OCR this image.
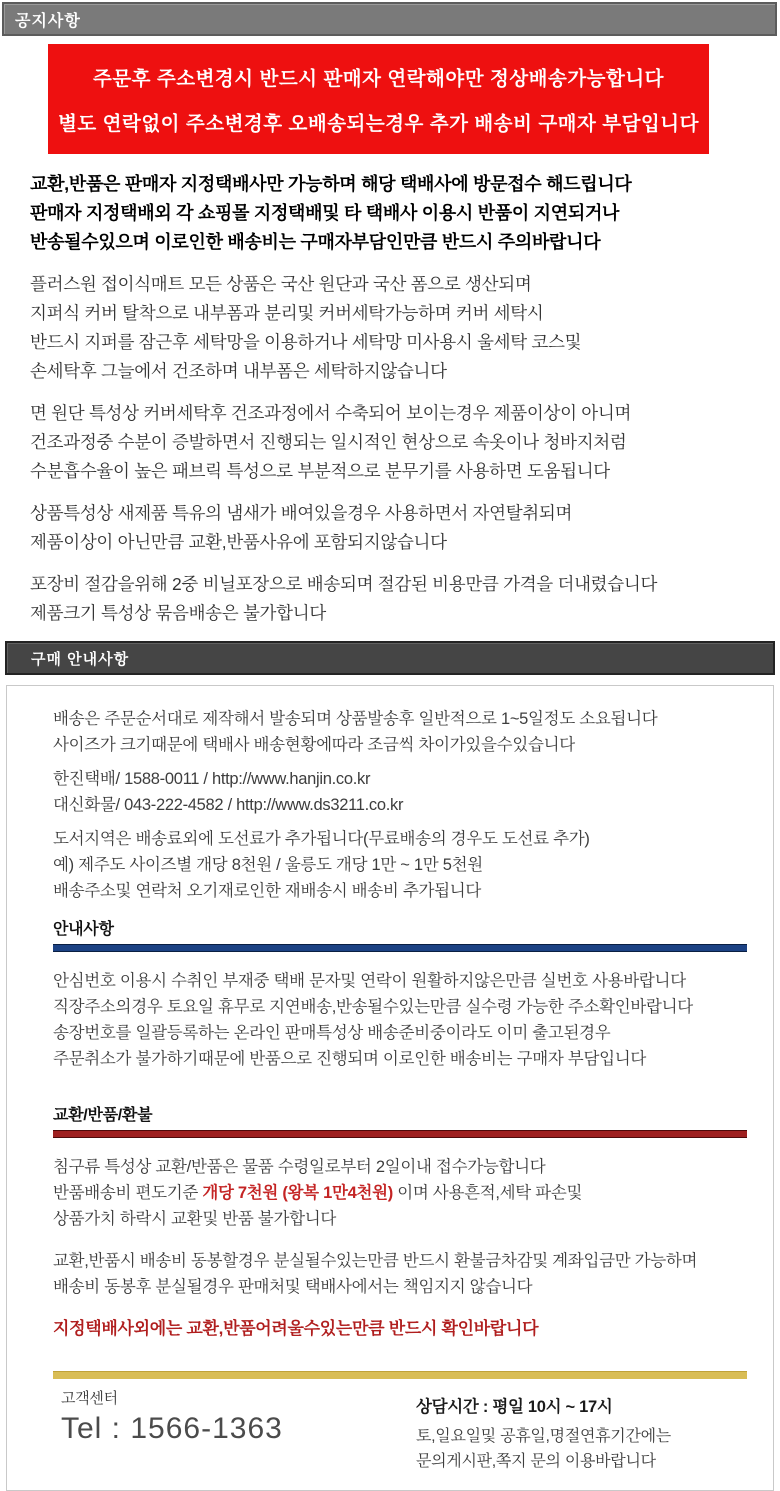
공지사항
주문후 주소변경시 반드시 판매자 연락해야만 정상배송가능합니다
별도 연락없이 주소변경후 오배송되는경우 추가 배송비 구매자 부담입니다
교환,반품은 판매자 지정택배사만 가능하며 해당 택배사에 방문접수 해드립니다
판매자 지정택배외 각 쇼핑몰 지정택배및 타 택배사 이용시 반품이 지연되거나
반송될수있으며 이로인한 배송비는 구매자부담인만큼 반드시 주의바랍니다
플러스원 접이식매트 모든 상품은 국산 원단과 국산 폼으로 생산되며
지퍼식 커버 탈착으로 내부폼과 분리및 커버세탁가능하며 커버 세탁시
반드시 지퍼를 잠근후 세탁망을 이용하거나 세탁망 미사용시 울세탁 코스및
손세탁후 그늘에서 건조하며 내부폼은 세탁하지않습니다
면 원단 특성상 커버세탁후 건조과정에서 수축되어 보이는경우 제품이상이 아니며
건조과정중 수분이 증발하면서 진행되는 일시적인 현상으로 속옷이나 청바지처럼
수분흡수율이 높은 패브릭 특성으로 부분적으로 분무기를 사용하면 도움됩니다
상품특성상 새제품 특유의 냄새가 배여있을경우 사용하면서 자연탈취되며
제품이상이 아닌만큼 교환,반품사유에 포함되지않습니다
포장비 절감을위해 2중 비닐포장으로 배송되며 절감된 비용만큼 가격을 더내렸습니다
제품크기 특성상 묶음배송은 불가합니다
구매 안내사항
배송은 주문순서대로 제작해서 발송되며 상품발송후 일반적으로 1~5일정도 소요됩니다
사이즈가 크기때문에 택배사 배송현황에따라 조금씩 차이가있을수있습니다
한진택배/ 1588-0011 / http://www.hanjin.co.kr
대신화물/ 043-222-4582 / http://www.ds3211.co.kr
도서지역은 배송료외에 도선료가 추가됩니다(무료배송의 경우도 도선료 추가)
예) 제주도 사이즈별 개당 8천원 / 울릉도 개당 1만 ~ 1만 5천원
배송주소및 연락처 오기재로인한 재배송시 배송비 추가됩니다
안내사항
안심번호 이용시 수취인 부재중 택배 문자및 연락이 원활하지않은만큼 실번호 사용바랍니다
직장주소의경우 토요일 휴무로 지연배송,반송될수있는만큼 실수령 가능한 주소확인바랍니다
송장번호를 일괄등록하는 온라인 판매특성상 배송준비중이라도 이미 출고된경우
주문취소가 불가하기때문에 반품으로 진행되며 이로인한 배송비는 구매자 부담입니다
교환/반품/환불
침구류 특성상 교환/반품은 물품 수령일로부터 2일이내 접수가능합니다
반품배송비 편도기준 개당 7천원 (왕복 1만4천원) 이며 사용흔적,세탁 파손및
상품가치 하락시 교환및 반품 불가합니다
교환,반품시 배송비 동봉할경우 분실될수있는만큼 반드시 환불금차감및 계좌입금만 가능하며
배송비 동봉후 분실될경우 판매처및 택배사에서는 책임지지 않습니다
지정택배사외에는 교환,반품어려울수있는만큼 반드시 확인바랍니다
고객센터
Tel : 1566-1363
상담시간 : 평일 10시 ~ 17시
토,일요일및 공휴일,명절연휴기간에는
문의게시판,쪽지 문의 이용바랍니다
